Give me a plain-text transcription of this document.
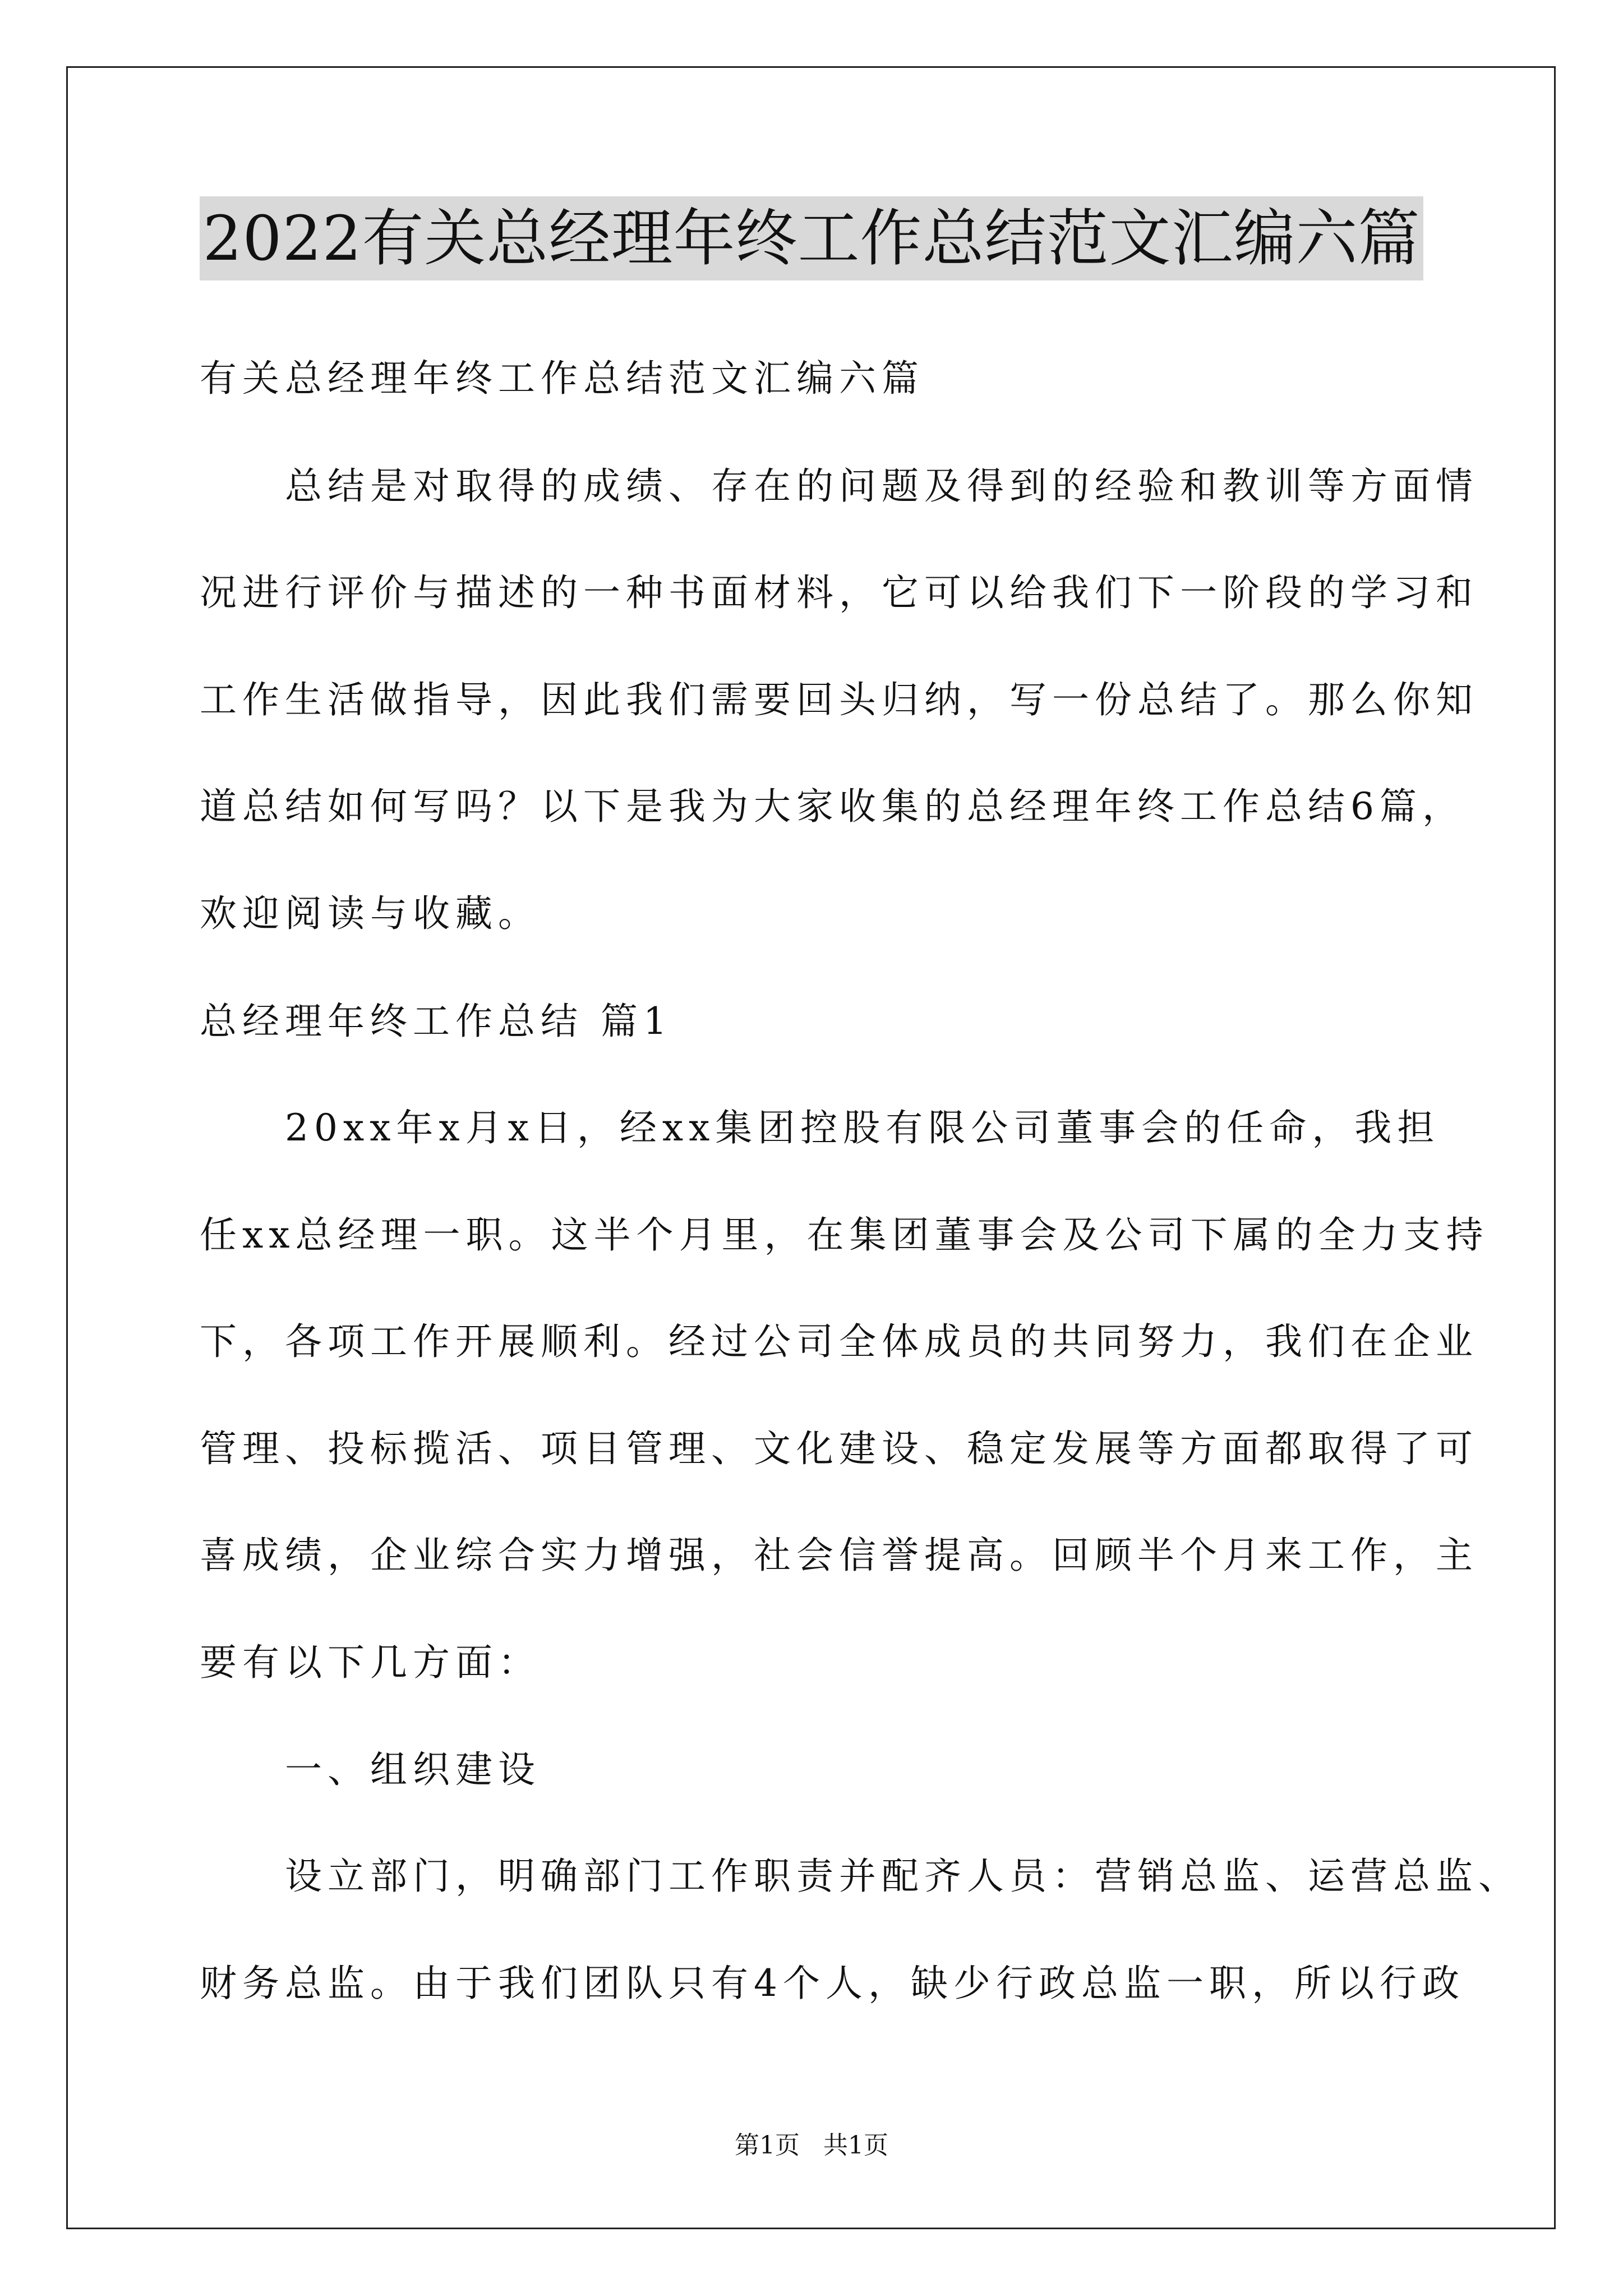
2022有关总经理年终工作总结范文汇编六篇
有关总经理年终工作总结范文汇编六篇
　　总结是对取得的成绩、存在的问题及得到的经验和教训等方面情
况进行评价与描述的一种书面材料，它可以给我们下一阶段的学习和
工作生活做指导，因此我们需要回头归纳，写一份总结了。那么你知
道总结如何写吗？以下是我为大家收集的总经理年终工作总结6篇，
欢迎阅读与收藏。
总经理年终工作总结 篇1
　　20xx年x月x日，经xx集团控股有限公司董事会的任命，我担
任xx总经理一职。这半个月里，在集团董事会及公司下属的全力支持
下，各项工作开展顺利。经过公司全体成员的共同努力，我们在企业
管理、投标揽活、项目管理、文化建设、稳定发展等方面都取得了可
喜成绩，企业综合实力增强，社会信誉提高。回顾半个月来工作，主
要有以下几方面：
　　一、组织建设
　　设立部门，明确部门工作职责并配齐人员：营销总监、运营总监、
财务总监。由于我们团队只有4个人，缺少行政总监一职，所以行政
第1页 共1页
